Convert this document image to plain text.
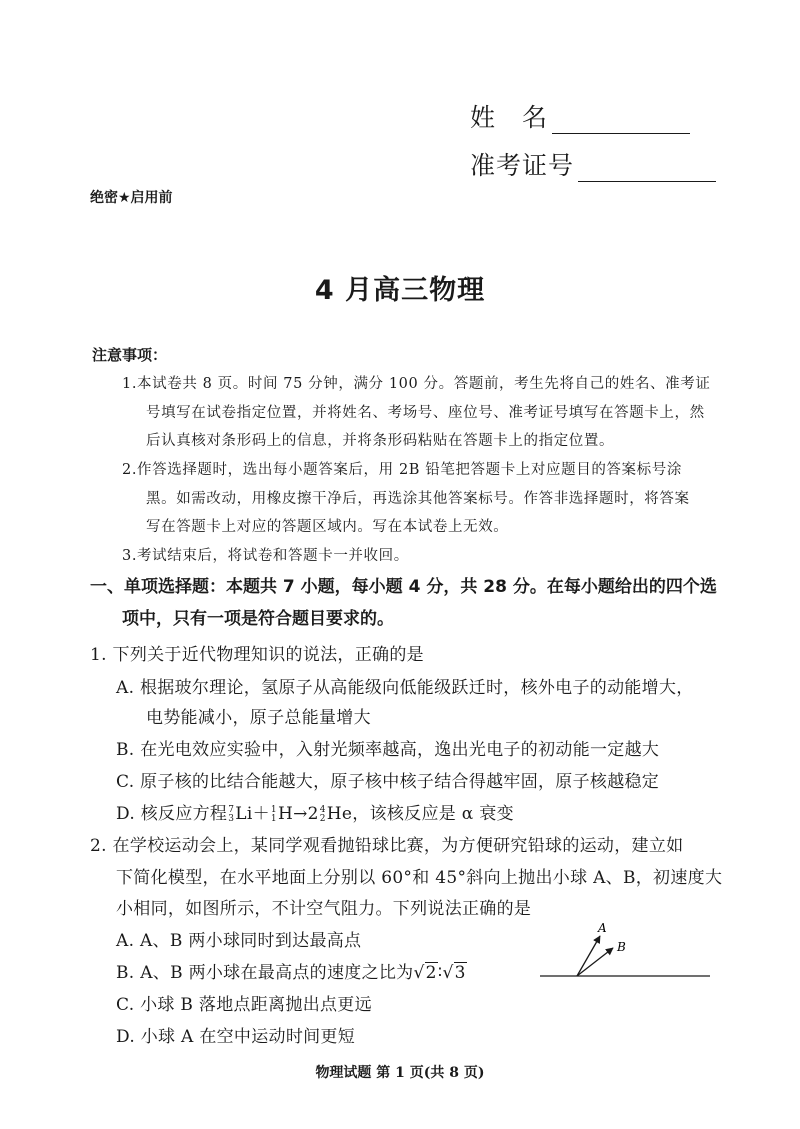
姓　名
准考证号
绝密★启用前
4 月高三物理
注意事项：
1.本试卷共 8 页。时间 75 分钟，满分 100 分。答题前，考生先将自己的姓名、准考证
号填写在试卷指定位置，并将姓名、考场号、座位号、准考证号填写在答题卡上，然
后认真核对条形码上的信息，并将条形码粘贴在答题卡上的指定位置。
2.作答选择题时，选出每小题答案后，用 2B 铅笔把答题卡上对应题目的答案标号涂
黑。如需改动，用橡皮擦干净后，再选涂其他答案标号。作答非选择题时，将答案
写在答题卡上对应的答题区域内。写在本试卷上无效。
3.考试结束后，将试卷和答题卡一并收回。
一、单项选择题：本题共 7 小题，每小题 4 分，共 28 分。在每小题给出的四个选
项中，只有一项是符合题目要求的。
1. 下列关于近代物理知识的说法，正确的是
A. 根据玻尔理论，氢原子从高能级向低能级跃迁时，核外电子的动能增大，
电势能减小，原子总能量增大
B. 在光电效应实验中，入射光频率越高，逸出光电子的初动能一定越大
C. 原子核的比结合能越大，原子核中核子结合得越牢固，原子核越稳定
D. 核反应方程 7
3 Li＋ 1
1 H→2 4
2 He，该核反应是 α 衰变
2. 在学校运动会上，某同学观看抛铅球比赛，为方便研究铅球的运动，建立如
下简化模型，在水平地面上分别以 60°和 45°斜向上抛出小球 A、B，初速度大
小相同，如图所示，不计空气阻力。下列说法正确的是
A. A、B 两小球同时到达最高点
B. A、B 两小球在最高点的速度之比为√2∶√3
C. 小球 B 落地点距离抛出点更远
D. 小球 A 在空中运动时间更短
A
B
物理试题 第 1 页(共 8 页)
